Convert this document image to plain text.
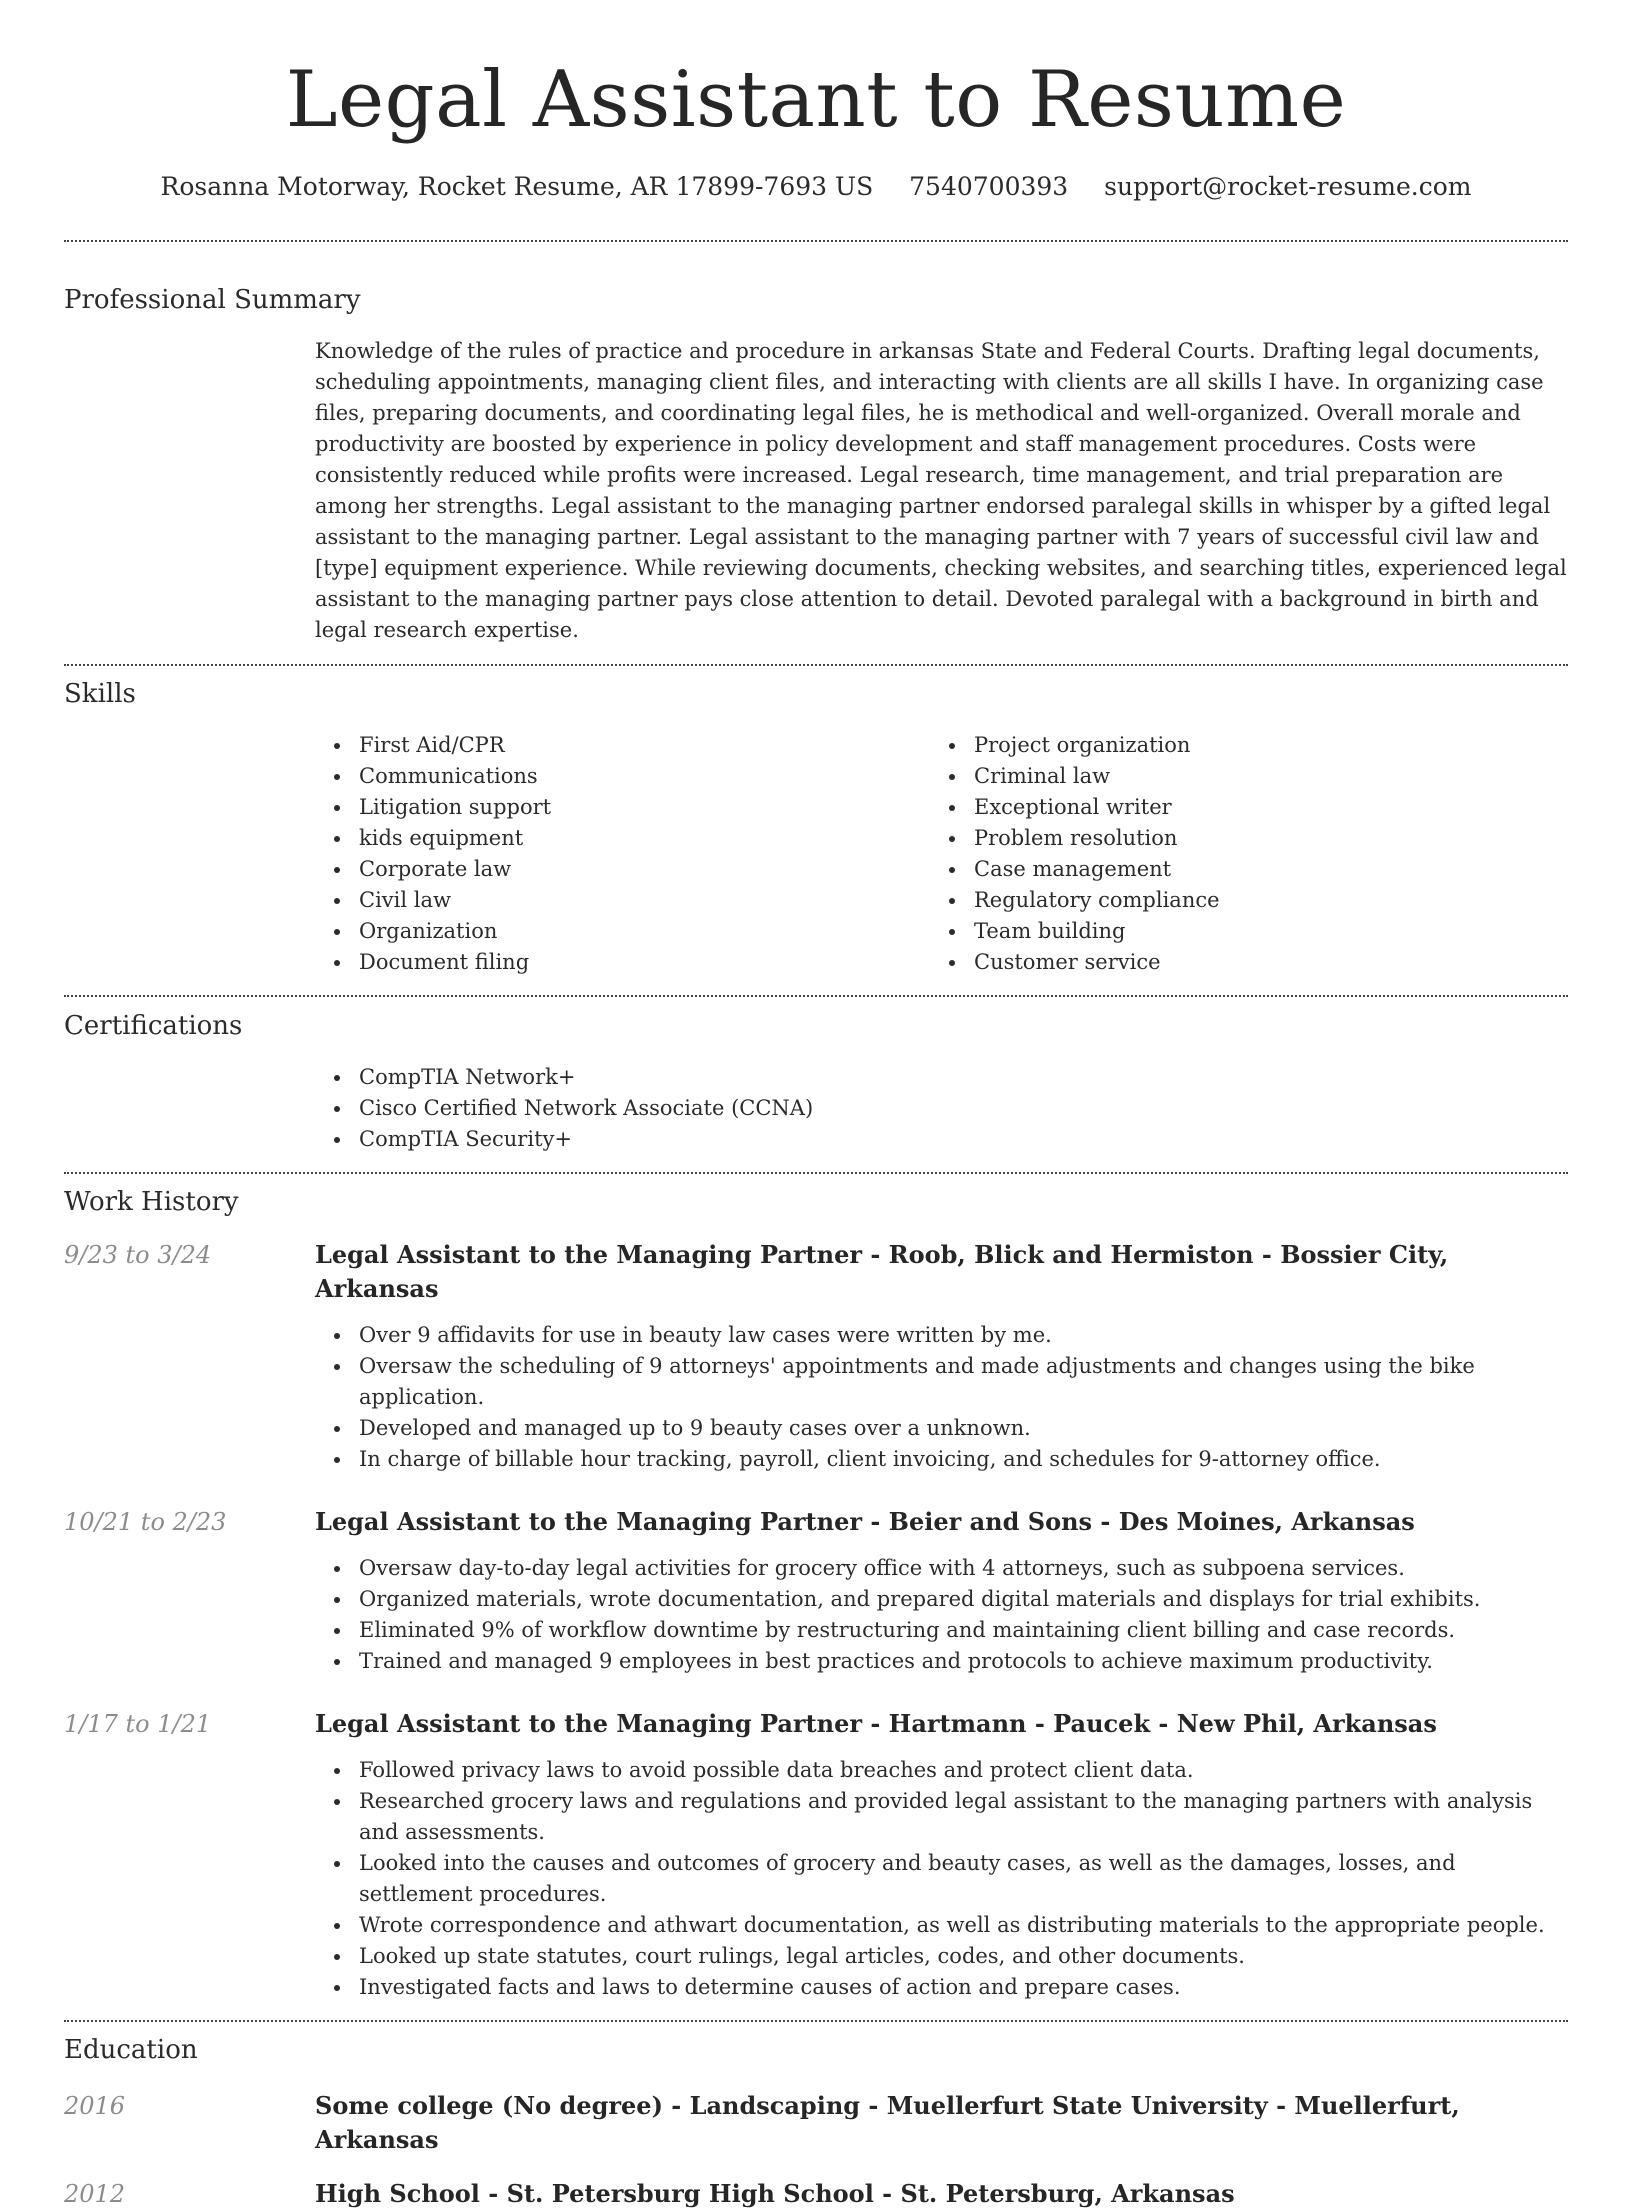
Legal Assistant to Resume
Rosanna Motorway, Rocket Resume, AR 17899-7693 US 7540700393 support@rocket-resume.com
Professional Summary

Knowledge of the rules of practice and procedure in arkansas State and Federal Courts. Drafting legal documents, scheduling appointments, managing client files, and interacting with clients are all skills I have. In organizing case files, preparing documents, and coordinating legal files, he is methodical and well-organized. Overall morale and productivity are boosted by experience in policy development and staff management procedures. Costs were consistently reduced while profits were increased. Legal research, time management, and trial preparation are among her strengths. Legal assistant to the managing partner endorsed paralegal skills in whisper by a gifted legal assistant to the managing partner. Legal assistant to the managing partner with 7 years of successful civil law and [type] equipment experience. While reviewing documents, checking websites, and searching titles, experienced legal assistant to the managing partner pays close attention to detail. Devoted paralegal with a background in birth and legal research expertise.

Skills
First Aid/CPR
Communications
Litigation support
kids equipment
Corporate law
Civil law
Organization
Document filing
Project organization
Criminal law
Exceptional writer
Problem resolution
Case management
Regulatory compliance
Team building
Customer service
Certifications
CompTIA Network+
Cisco Certified Network Associate (CCNA)
CompTIA Security+
Work History
9/23 to 3/24	Legal Assistant to the Managing Partner - Roob, Blick and Hermiston - Bossier City, Arkansas
Over 9 affidavits for use in beauty law cases were written by me.
Oversaw the scheduling of 9 attorneys' appointments and made adjustments and changes using the bike application.
Developed and managed up to 9 beauty cases over a unknown.
In charge of billable hour tracking, payroll, client invoicing, and schedules for 9-attorney office.
10/21 to 2/23	Legal Assistant to the Managing Partner - Beier and Sons - Des Moines, Arkansas
Oversaw day-to-day legal activities for grocery office with 4 attorneys, such as subpoena services.
Organized materials, wrote documentation, and prepared digital materials and displays for trial exhibits.
Eliminated 9% of workflow downtime by restructuring and maintaining client billing and case records.
Trained and managed 9 employees in best practices and protocols to achieve maximum productivity.
1/17 to 1/21	Legal Assistant to the Managing Partner - Hartmann - Paucek - New Phil, Arkansas
Followed privacy laws to avoid possible data breaches and protect client data.
Researched grocery laws and regulations and provided legal assistant to the managing partners with analysis and assessments.
Looked into the causes and outcomes of grocery and beauty cases, as well as the damages, losses, and settlement procedures.
Wrote correspondence and athwart documentation, as well as distributing materials to the appropriate people.
Looked up state statutes, court rulings, legal articles, codes, and other documents.
Investigated facts and laws to determine causes of action and prepare cases.
Education
2016	Some college (No degree) - Landscaping - Muellerfurt State University - Muellerfurt, Arkansas
2012	High School - St. Petersburg High School - St. Petersburg, Arkansas
